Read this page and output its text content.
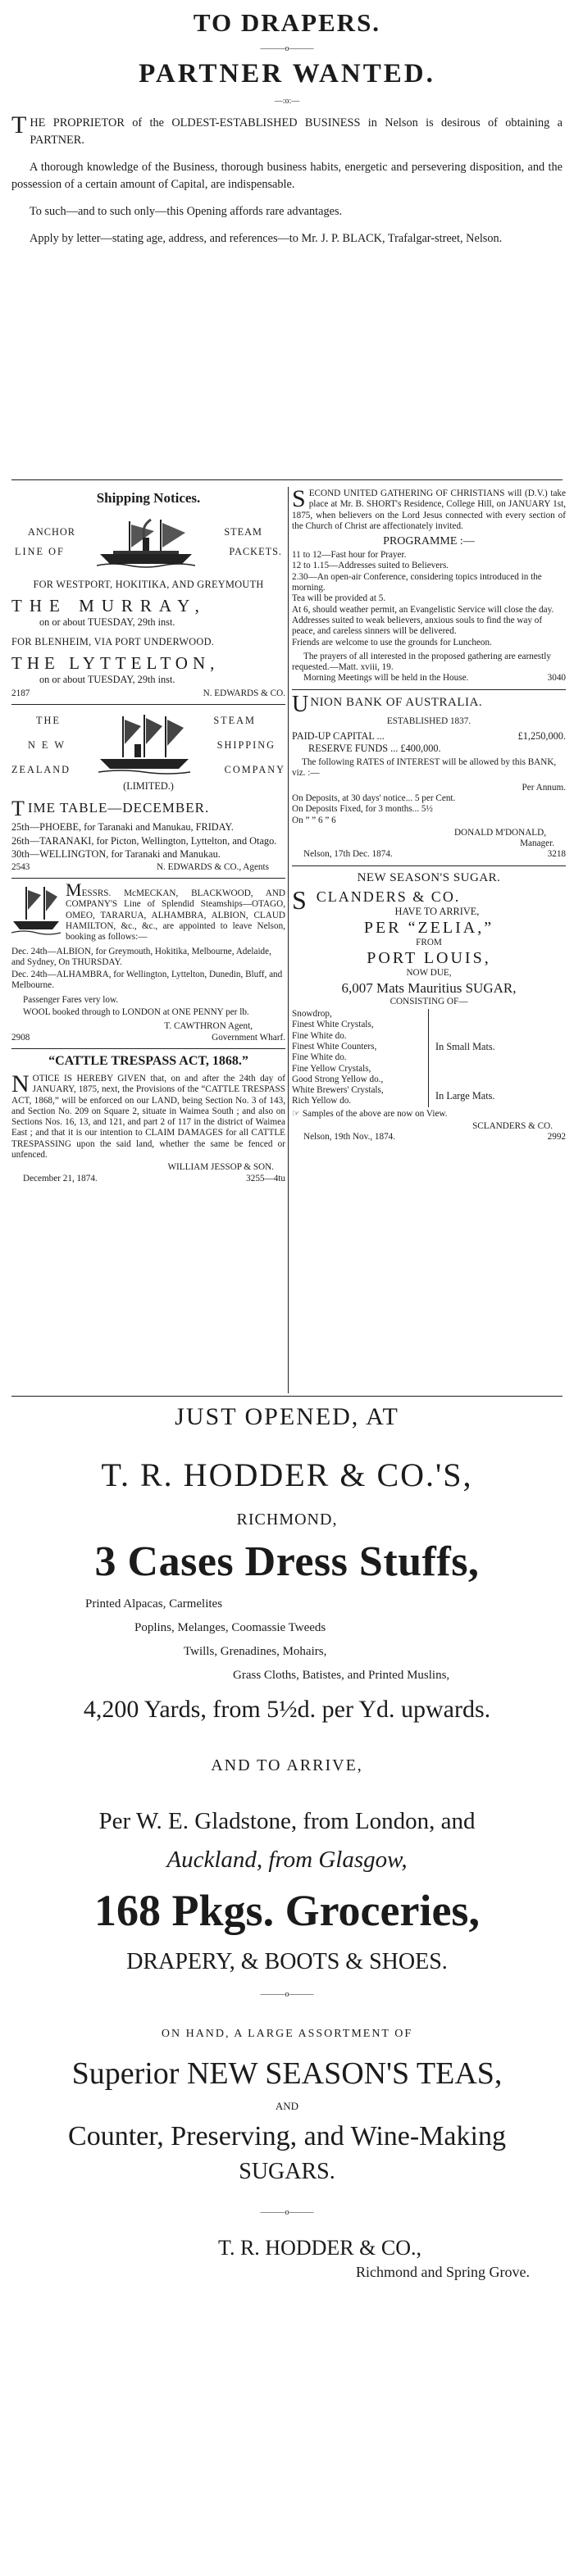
TO DRAPERS.
———o———
PARTNER WANTED.
—:o:—
T HE PROPRIETOR of the OLDEST-ESTABLISHED BUSINESS in Nelson is desirous of obtaining a PARTNER.
A thorough knowledge of the Business, thorough business habits, energetic and persevering disposition, and the possession of a certain amount of Capital, are indispensable.
To such—and to such only—this Opening affords rare advantages.
Apply by letter—stating age, address, and references—to Mr. J. P. BLACK, Trafalgar-street, Nelson.
Shipping Notices.
ANCHOR
LINE OF
STEAM
PACKETS.
FOR WESTPORT, HOKITIKA, AND GREYMOUTH
THE MURRAY,
on or about TUESDAY, 29th inst.
FOR BLENHEIM, VIA PORT UNDERWOOD.
THE LYTTELTON,
on or about TUESDAY, 29th inst.
2187	N. EDWARDS & CO.
THE
NEW
ZEALAND
STEAM
SHIPPING
COMPANY
(LIMITED.)
T IME TABLE—DECEMBER.
25th—PHOEBE, for Taranaki and Manukau, FRIDAY.
26th—TARANAKI, for Picton, Wellington, Lyttelton, and Otago.
30th—WELLINGTON, for Taranaki and Manukau.
2543	N. EDWARDS & CO., Agents
MESSRS. McMECKAN, BLACKWOOD, AND COMPANY'S Line of Splendid Steamships—OTAGO, OMEO, TARARUA, ALHAMBRA, ALBION, CLAUD HAMILTON, &c., &c., are appointed to leave Nelson, booking as follows:—
Dec. 24th—ALBION, for Greymouth, Hokitika, Melbourne, Adelaide, and Sydney, On THURSDAY.
Dec. 24th—ALHAMBRA, for Wellington, Lyttelton, Dunedin, Bluff, and Melbourne.
Passenger Fares very low.
WOOL booked through to LONDON at ONE PENNY per lb.
T. CAWTHRON Agent,
2908	Government Wharf.
“CATTLE TRESPASS ACT, 1868.”
NOTICE IS HEREBY GIVEN that, on and after the 24th day of JANUARY, 1875, next, the Provisions of the “CATTLE TRESPASS ACT, 1868,” will be enforced on our LAND, being Section No. 3 of 143, and Section No. 209 on Square 2, situate in Waimea South ; and also on Sections Nos. 16, 13, and 121, and part 2 of 117 in the district of Waimea East ; and that it is our intention to CLAIM DAMAGES for all CATTLE TRESPASSING upon the said land, whether the same be fenced or unfenced.
WILLIAM JESSOP & SON.
December 21, 1874.	3255—4tu
SECOND UNITED GATHERING OF CHRISTIANS will (D.V.) take place at Mr. B. SHORT's Residence, College Hill, on JANUARY 1st, 1875, when believers on the Lord Jesus connected with every section of the Church of Christ are affectionately invited.
PROGRAMME :—
11 to 12—Fast hour for Prayer.
12 to 1.15—Addresses suited to Believers.
2.30—An open-air Conference, considering topics introduced in the morning.
Tea will be provided at 5.
At 6, should weather permit, an Evangelistic Service will close the day.
Addresses suited to weak believers, anxious souls to find the way of peace, and careless sinners will be delivered.
Friends are welcome to use the grounds for Luncheon.
The prayers of all interested in the proposed gathering are earnestly requested.—Matt. xviii, 19.
Morning Meetings will be held in the House.	3040
U NION BANK OF AUSTRALIA.
ESTABLISHED 1837.
PAID-UP CAPITAL ...	£1,250,000.
RESERVE FUNDS ... £400,000.
The following RATES of INTEREST will be allowed by this BANK, viz. :—
Per Annum.
On Deposits, at 30 days' notice... 5 per Cent.
On Deposits Fixed, for 3 months... 5½
On ” ” 6 ” 6
DONALD M'DONALD,
Manager.
Nelson, 17th Dec. 1874.	3218
NEW SEASON'S SUGAR.
S CLANDERS & CO.
HAVE TO ARRIVE,
PER “ZELIA,”
FROM
PORT LOUIS,
NOW DUE,
6,007 Mats Mauritius SUGAR,
CONSISTING OF—
Snowdrop,
Finest White Crystals,
Fine White do.
Finest White Counters,
Fine White do.
Fine Yellow Crystals,
Good Strong Yellow do.,
In Small Mats.
White Brewers' Crystals,
Rich Yellow do.	In Large Mats.
☞ Samples of the above are now on View.
SCLANDERS & CO.
Nelson, 19th Nov., 1874.	2992
JUST OPENED, AT
T. R. HODDER & CO.'S,
RICHMOND,
3 Cases Dress Stuffs,
Printed Alpacas, Carmelites
Poplins, Melanges, Coomassie Tweeds
Twills, Grenadines, Mohairs,
Grass Cloths, Batistes, and Printed Muslins,
4,200 Yards, from 5½d. per Yd. upwards.
AND TO ARRIVE,
Per W. E. Gladstone, from London, and
Auckland, from Glasgow,
168 Pkgs. Groceries,
DRAPERY, & BOOTS & SHOES.
———o———
ON HAND, A LARGE ASSORTMENT OF
Superior NEW SEASON'S TEAS,
AND
Counter, Preserving, and Wine-Making
SUGARS.
———o———
T. R. HODDER & CO.,
Richmond and Spring Grove.
